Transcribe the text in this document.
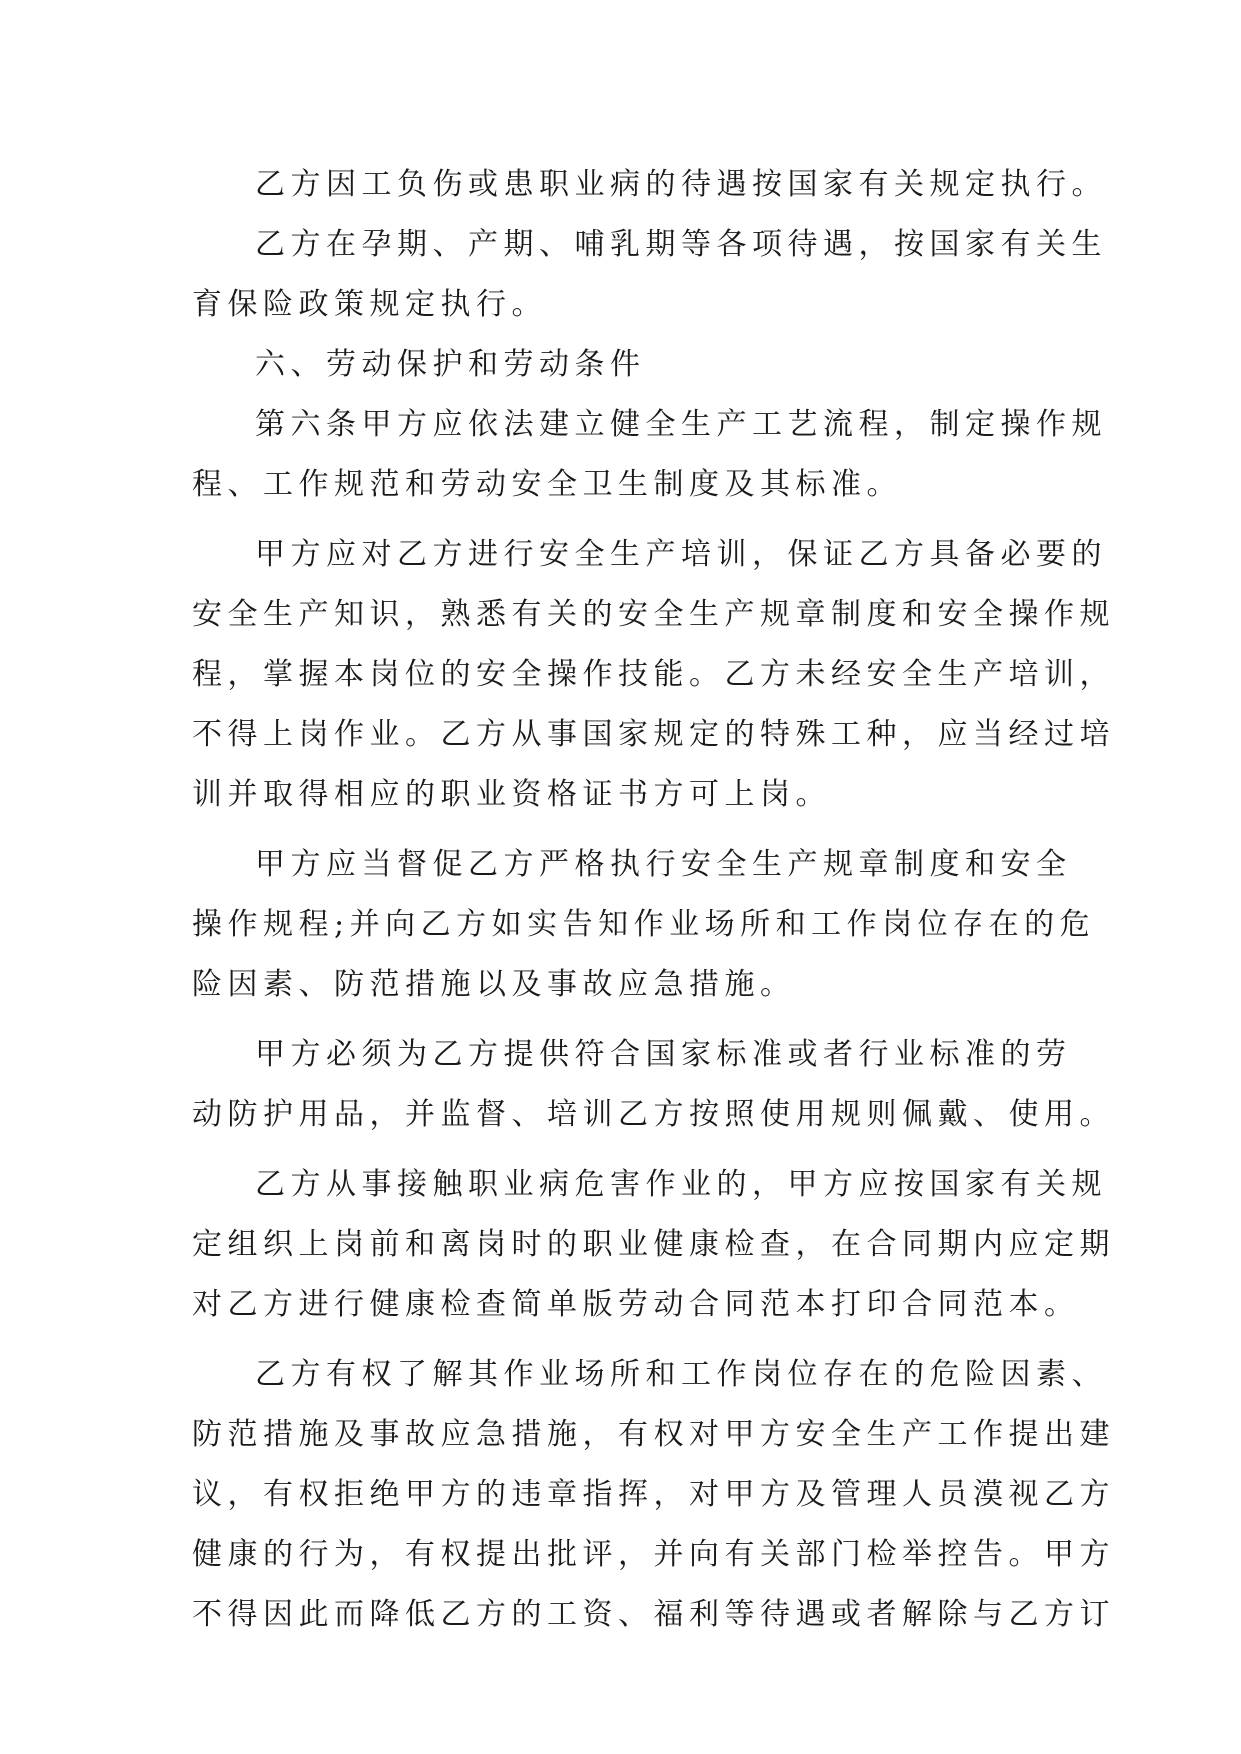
乙方因工负伤或患职业病的待遇按国家有关规定执行。
乙方在孕期、产期、哺乳期等各项待遇，按国家有关生
育保险政策规定执行。
六、劳动保护和劳动条件
第六条甲方应依法建立健全生产工艺流程，制定操作规
程、工作规范和劳动安全卫生制度及其标准。
甲方应对乙方进行安全生产培训，保证乙方具备必要的
安全生产知识，熟悉有关的安全生产规章制度和安全操作规
程，掌握本岗位的安全操作技能。乙方未经安全生产培训，
不得上岗作业。乙方从事国家规定的特殊工种，应当经过培
训并取得相应的职业资格证书方可上岗。
甲方应当督促乙方严格执行安全生产规章制度和安全
操作规程;并向乙方如实告知作业场所和工作岗位存在的危
险因素、防范措施以及事故应急措施。
甲方必须为乙方提供符合国家标准或者行业标准的劳
动防护用品，并监督、培训乙方按照使用规则佩戴、使用。
乙方从事接触职业病危害作业的，甲方应按国家有关规
定组织上岗前和离岗时的职业健康检查，在合同期内应定期
对乙方进行健康检查简单版劳动合同范本打印合同范本。
乙方有权了解其作业场所和工作岗位存在的危险因素、
防范措施及事故应急措施，有权对甲方安全生产工作提出建
议，有权拒绝甲方的违章指挥，对甲方及管理人员漠视乙方
健康的行为，有权提出批评，并向有关部门检举控告。甲方
不得因此而降低乙方的工资、福利等待遇或者解除与乙方订
